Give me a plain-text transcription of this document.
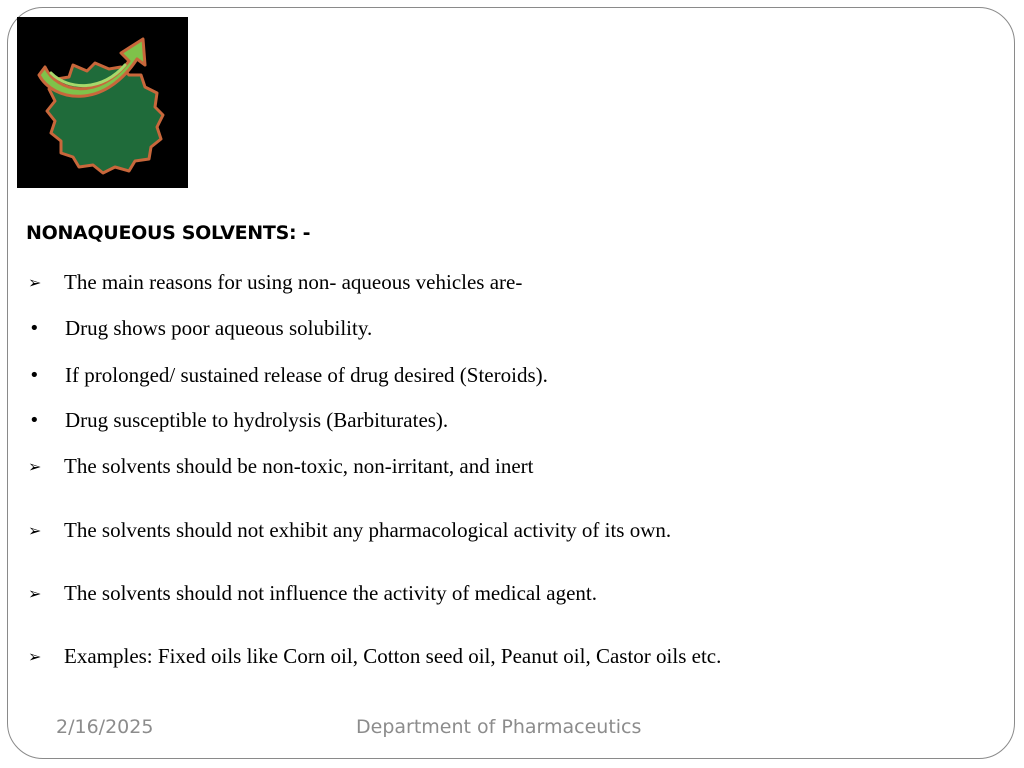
NONAQUEOUS SOLVENTS: -
➢	The main reasons for using non- aqueous vehicles are-
•	Drug shows poor aqueous solubility.
•	If prolonged/ sustained release of drug desired (Steroids).
•	Drug susceptible to hydrolysis (Barbiturates).
➢	The solvents should be non-toxic, non-irritant, and inert
➢	The solvents should not exhibit any pharmacological activity of its own.
➢	The solvents should not influence the activity of medical agent.
➢	Examples: Fixed oils like Corn oil, Cotton seed oil, Peanut oil, Castor oils etc.
2/16/2025	Department of Pharmaceutics
